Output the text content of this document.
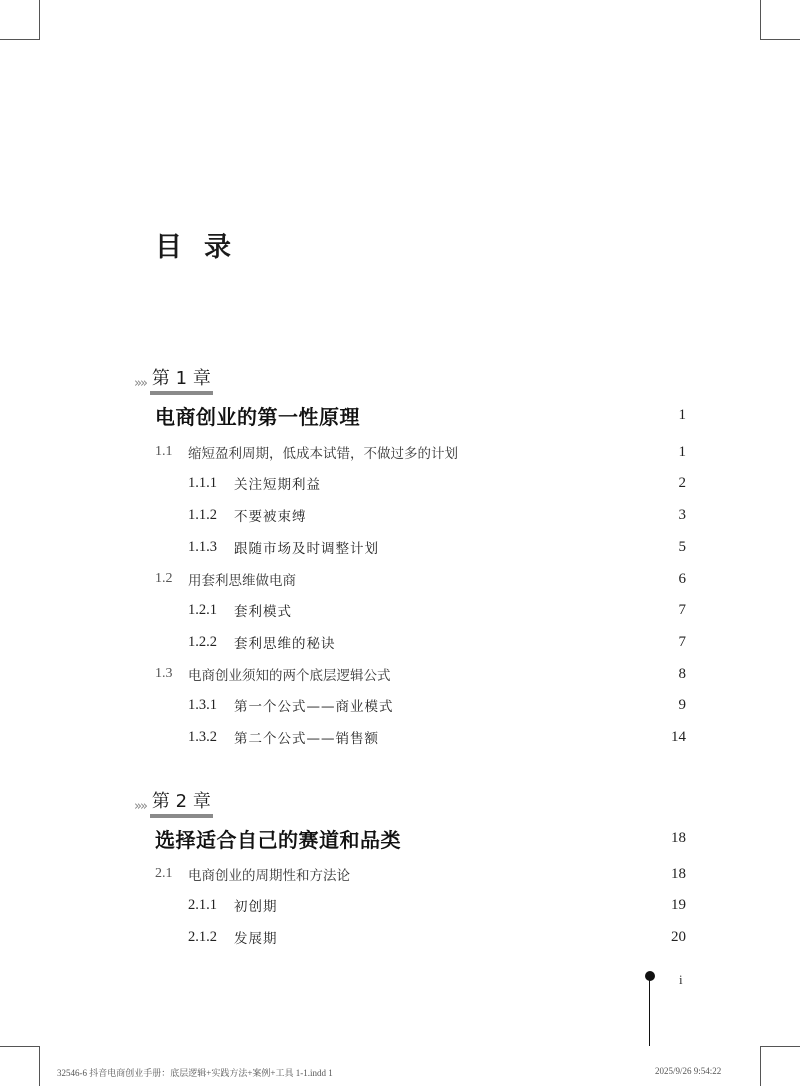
目录
»» 第 1 章
电商创业的第一性原理	1
1.1	缩短盈利周期，低成本试错，不做过多的计划	1
1.1.1	关注短期利益	2
1.1.2	不要被束缚	3
1.1.3	跟随市场及时调整计划	5
1.2	用套利思维做电商	6
1.2.1	套利模式	7
1.2.2	套利思维的秘诀	7
1.3	电商创业须知的两个底层逻辑公式	8
1.3.1	第一个公式——商业模式	9
1.3.2	第二个公式——销售额	14
»» 第 2 章
选择适合自己的赛道和品类	18
2.1	电商创业的周期性和方法论	18
2.1.1	初创期	19
2.1.2	发展期	20
i
32546-6 抖音电商创业手册：底层逻辑+实践方法+案例+工具 1-1.indd 1	2025/9/26 9:54:22
